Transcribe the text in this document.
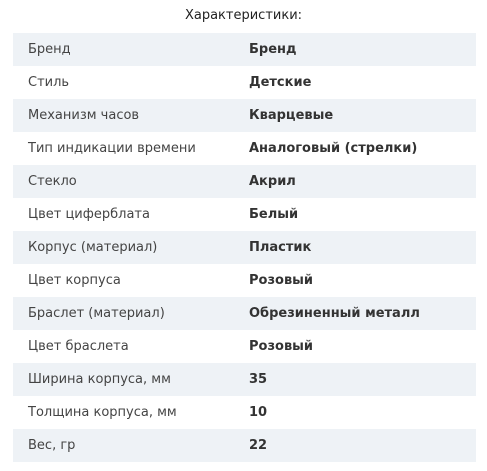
Характеристики:
Бренд	Бренд
Стиль	Детские
Механизм часов	Кварцевые
Тип индикации времени	Аналоговый (стрелки)
Стекло	Акрил
Цвет циферблата	Белый
Корпус (материал)	Пластик
Цвет корпуса	Розовый
Браслет (материал)	Обрезиненный металл
Цвет браслета	Розовый
Ширина корпуса, мм	35
Толщина корпуса, мм	10
Вес, гр	22
